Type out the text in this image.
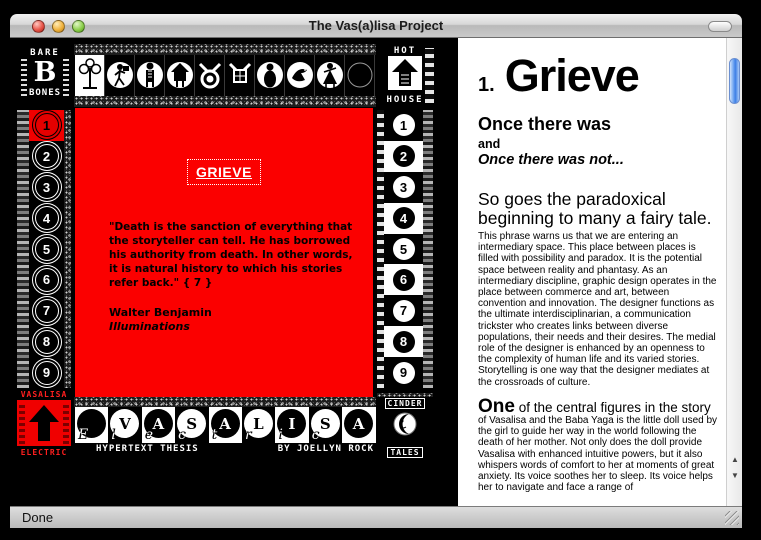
The Vas(a)lisa Project
BARE
B
BONES
HOT
HOUSE
1
2
3
4
5
6
7
8
9
GRIEVE
"Death is the sanction of everything that the storyteller can tell. He has borrowed his authority from death. In other words, it is natural history to which his stories refer back." { 7 }
Walter Benjamin
Illuminations
1
2
3
4
5
6
7
8
9
VASALISA
ELECTRIC
E
V
l
A
e
S
c
A
t
L
r
I
i
S
c
A
HYPERTEXT THESIS	BY JOELLYN ROCK
CINDER
TALES
1. Grieve
Once there was
and
Once there was not...
So goes the paradoxical beginning to many a fairy tale.
This phrase warns us that we are entering an intermediary space. This place between places is filled with possibility and paradox. It is the potential space between reality and phantasy. As an intermediary discipline, graphic design operates in the place between commerce and art, between convention and innovation. The designer functions as the ultimate interdisciplinarian, a communication trickster who creates links between diverse populations, their needs and their desires. The medial role of the designer is enhanced by an openness to the complexity of human life and its varied stories. Storytelling is one way that the designer mediates at the crossroads of culture.
One of the central figures in the story of Vasalisa and the Baba Yaga is the little doll used by the girl to guide her way in the world following the death of her mother. Not only does the doll provide Vasalisa with enhanced intuitive powers, but it also whispers words of comfort to her at moments of great anxiety. Its voice soothes her to sleep. Its voice helps her to navigate and face a range of
▲
▼
Done
